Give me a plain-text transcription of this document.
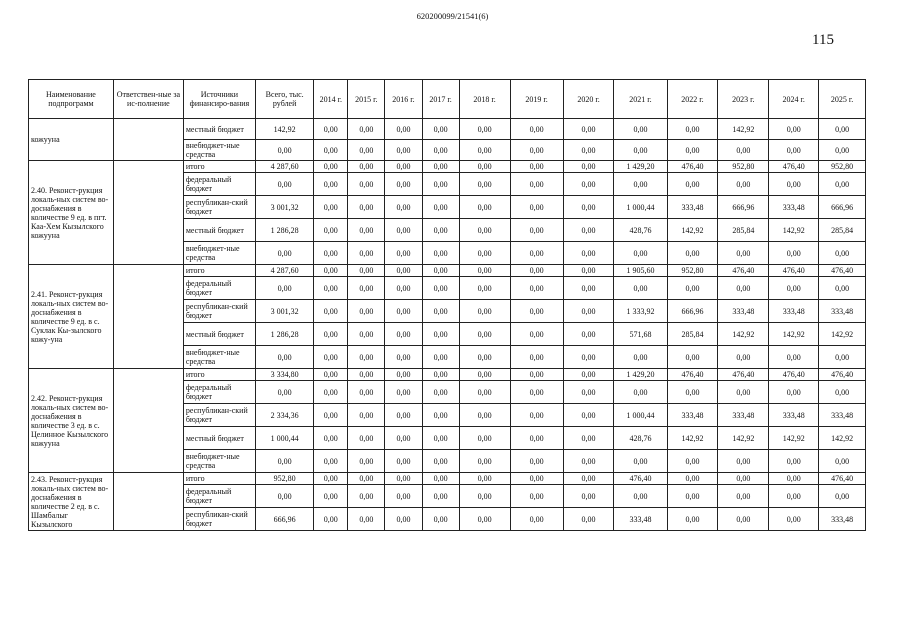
620200099/21541(6)
115
Наименование подпрограмм	Ответствен-ные за ис-полнение	Источники финансиро-вания	Всего, тыс. рублей	2014 г.	2015 г.	2016 г.	2017 г.	2018 г.	2019 г.	2020 г.	2021 г.	2022 г.	2023 г.	2024 г.	2025 г.
кожууна		местный бюджет	142,92	0,00	0,00	0,00	0,00	0,00	0,00	0,00	0,00	0,00	142,92	0,00	0,00
		внебюджет-ные средства	0,00	0,00	0,00	0,00	0,00	0,00	0,00	0,00	0,00	0,00	0,00	0,00	0,00
2.40. Реконст-рукция локаль-ных систем во-доснабжения в количестве 9 ед. в пгт. Каа-Хем Кызылского кожууна		итого	4 287,60	0,00	0,00	0,00	0,00	0,00	0,00	0,00	1 429,20	476,40	952,80	476,40	952,80
		федеральный бюджет	0,00	0,00	0,00	0,00	0,00	0,00	0,00	0,00	0,00	0,00	0,00	0,00	0,00
		республикан-ский бюджет	3 001,32	0,00	0,00	0,00	0,00	0,00	0,00	0,00	1 000,44	333,48	666,96	333,48	666,96
		местный бюджет	1 286,28	0,00	0,00	0,00	0,00	0,00	0,00	0,00	428,76	142,92	285,84	142,92	285,84
		внебюджет-ные средства	0,00	0,00	0,00	0,00	0,00	0,00	0,00	0,00	0,00	0,00	0,00	0,00	0,00
2.41. Реконст-рукция локаль-ных систем во-доснабжения в количестве 9 ед. в с. Суклак Кы-зылского кожу-уна		итого	4 287,60	0,00	0,00	0,00	0,00	0,00	0,00	0,00	1 905,60	952,80	476,40	476,40	476,40
		федеральный бюджет	0,00	0,00	0,00	0,00	0,00	0,00	0,00	0,00	0,00	0,00	0,00	0,00	0,00
		республикан-ский бюджет	3 001,32	0,00	0,00	0,00	0,00	0,00	0,00	0,00	1 333,92	666,96	333,48	333,48	333,48
		местный бюджет	1 286,28	0,00	0,00	0,00	0,00	0,00	0,00	0,00	571,68	285,84	142,92	142,92	142,92
		внебюджет-ные средства	0,00	0,00	0,00	0,00	0,00	0,00	0,00	0,00	0,00	0,00	0,00	0,00	0,00
2.42. Реконст-рукция локаль-ных систем во-доснабжения в количестве 3 ед. в с. Целинное Кызылского кожууна		итого	3 334,80	0,00	0,00	0,00	0,00	0,00	0,00	0,00	1 429,20	476,40	476,40	476,40	476,40
		федеральный бюджет	0,00	0,00	0,00	0,00	0,00	0,00	0,00	0,00	0,00	0,00	0,00	0,00	0,00
		республикан-ский бюджет	2 334,36	0,00	0,00	0,00	0,00	0,00	0,00	0,00	1 000,44	333,48	333,48	333,48	333,48
		местный бюджет	1 000,44	0,00	0,00	0,00	0,00	0,00	0,00	0,00	428,76	142,92	142,92	142,92	142,92
		внебюджет-ные средства	0,00	0,00	0,00	0,00	0,00	0,00	0,00	0,00	0,00	0,00	0,00	0,00	0,00
2.43. Реконст-рукция локаль-ных систем во-доснабжения в количестве 2 ед. в с. Шамбалыг Кызылского		итого	952,80	0,00	0,00	0,00	0,00	0,00	0,00	0,00	476,40	0,00	0,00	0,00	476,40
		федеральный бюджет	0,00	0,00	0,00	0,00	0,00	0,00	0,00	0,00	0,00	0,00	0,00	0,00	0,00
		республикан-ский бюджет	666,96	0,00	0,00	0,00	0,00	0,00	0,00	0,00	333,48	0,00	0,00	0,00	333,48
